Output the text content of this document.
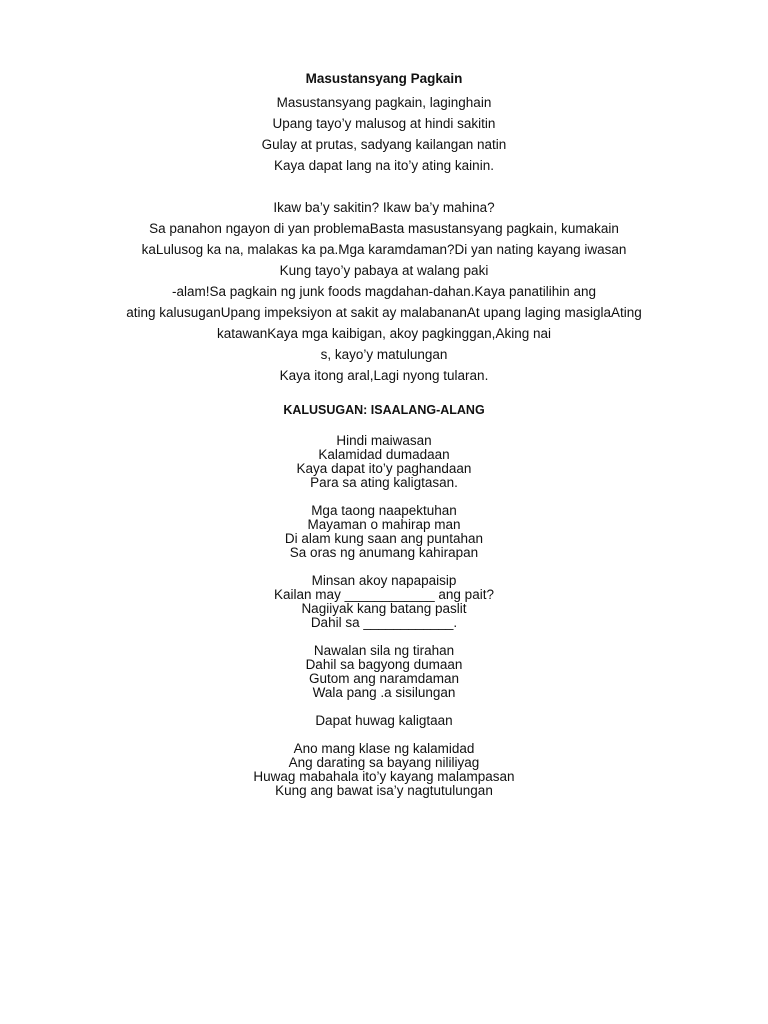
Masustansyang Pagkain
Masustansyang pagkain, laginghain
Upang tayo’y malusog at hindi sakitin
Gulay at prutas, sadyang kailangan natin
Kaya dapat lang na ito’y ating kainin.
Ikaw ba’y sakitin? Ikaw ba’y mahina?
Sa panahon ngayon di yan problemaBasta masustansyang pagkain, kumakain
kaLulusog ka na, malakas ka pa.Mga karamdaman?Di yan nating kayang iwasan
Kung tayo’y pabaya at walang paki
-alam!Sa pagkain ng junk foods magdahan-dahan.Kaya panatilihin ang
ating kalusuganUpang impeksiyon at sakit ay malabananAt upang laging masiglaAting
katawanKaya mga kaibigan, akoy pagkinggan,Aking nai
s, kayo’y matulungan
Kaya itong aral,Lagi nyong tularan.
KALUSUGAN: ISAALANG-ALANG
Hindi maiwasan
Kalamidad dumadaan
Kaya dapat ito’y paghandaan
Para sa ating kaligtasan.
Mga taong naapektuhan
Mayaman o mahirap man
Di alam kung saan ang puntahan
Sa oras ng anumang kahirapan
Minsan akoy napapaisip
Kailan may ____________ ang pait?
Nagiiyak kang batang paslit
Dahil sa ____________.
Nawalan sila ng tirahan
Dahil sa bagyong dumaan
Gutom ang naramdaman
Wala pang .a sisilungan
Dapat huwag kaligtaan
Ano mang klase ng kalamidad
Ang darating sa bayang nililiyag
Huwag mabahala ito’y kayang malampasan
Kung ang bawat isa’y nagtutulungan
